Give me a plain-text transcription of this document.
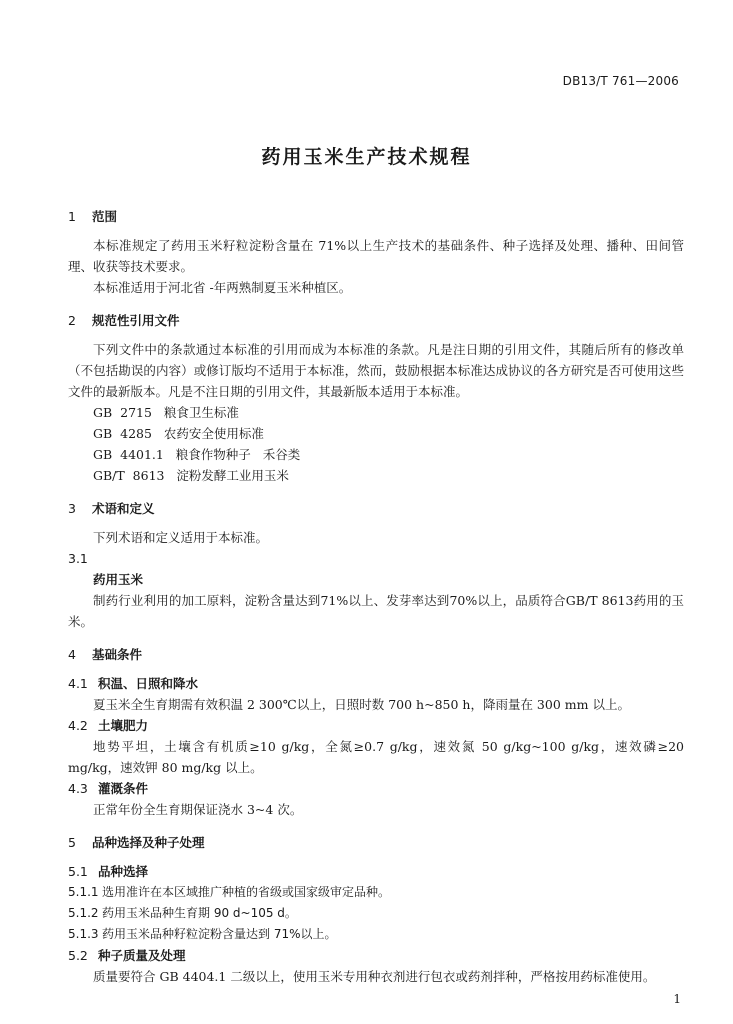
DB13/T 761—2006
药用玉米生产技术规程
1 范围
本标准规定了药用玉米籽粒淀粉含量在 71%以上生产技术的基础条件、种子选择及处理、播种、田间管理、收获等技术要求。
本标准适用于河北省 -年两熟制夏玉米种植区。
2 规范性引用文件
下列文件中的条款通过本标准的引用而成为本标准的条款。凡是注日期的引用文件，其随后所有的修改单（不包括勘误的内容）或修订版均不适用于本标准，然而，鼓励根据本标准达成协议的各方研究是否可使用这些文件的最新版本。凡是不注日期的引用文件，其最新版本适用于本标准。
GB  2715   粮食卫生标准
GB  4285   农药安全使用标准
GB  4401.1   粮食作物种子   禾谷类
GB/T  8613   淀粉发酵工业用玉米
3 术语和定义
下列术语和定义适用于本标准。
3.1
药用玉米
制药行业利用的加工原料，淀粉含量达到71%以上、发芽率达到70%以上，品质符合GB/T 8613药用的玉米。
4 基础条件
4.1 积温、日照和降水
夏玉米全生育期需有效积温 2 300℃以上，日照时数 700 h~850 h，降雨量在 300 mm 以上。
4.2 土壤肥力
地势平坦，土壤含有机质≥10 g/kg，全氮≥0.7 g/kg，速效氮 50 g/kg~100 g/kg，速效磷≥20 mg/kg，速效钾 80 mg/kg 以上。
4.3 灌溉条件
正常年份全生育期保证浇水 3~4 次。
5 品种选择及种子处理
5.1 品种选择
5.1.1 选用准许在本区域推广种植的省级或国家级审定品种。
5.1.2 药用玉米品种生育期 90 d~105 d。
5.1.3 药用玉米品种籽粒淀粉含量达到 71%以上。
5.2 种子质量及处理
质量要符合 GB 4404.1 二级以上，使用玉米专用种衣剂进行包衣或药剂拌种，严格按用药标准使用。
1
